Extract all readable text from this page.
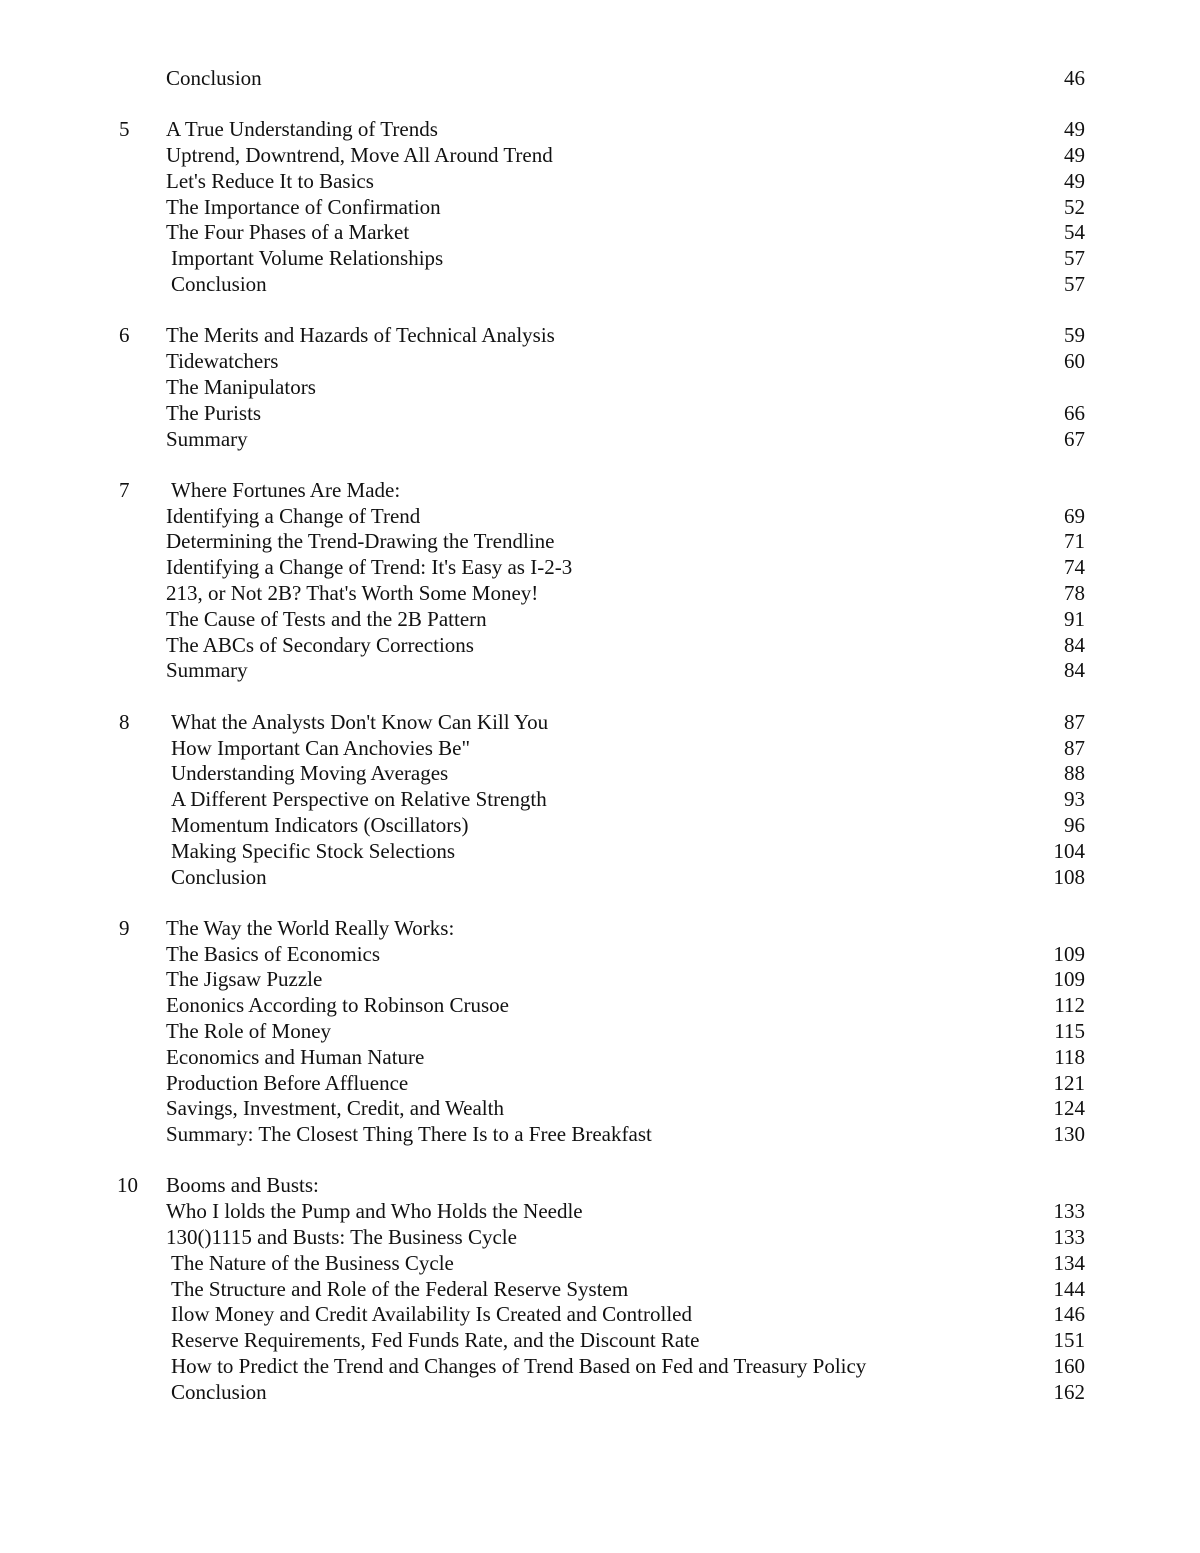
Conclusion	46
5 A True Understanding of Trends	49
Uptrend, Downtrend, Move All Around Trend	49
Let's Reduce It to Basics	49
The Importance of Confirmation	52
The Four Phases of a Market	54
Important Volume Relationships	57
Conclusion	57
6 The Merits and Hazards of Technical Analysis	59
Tidewatchers	60
The Manipulators
The Purists	66
Summary	67
7 Where Fortunes Are Made:
Identifying a Change of Trend	69
Determining the Trend-Drawing the Trendline	71
Identifying a Change of Trend: It's Easy as I-2-3	74
213, or Not 2B? That's Worth Some Money!	78
The Cause of Tests and the 2B Pattern	91
The ABCs of Secondary Corrections	84
Summary	84
8 What the Analysts Don't Know Can Kill You	87
How Important Can Anchovies Be"	87
Understanding Moving Averages	88
A Different Perspective on Relative Strength	93
Momentum Indicators (Oscillators)	96
Making Specific Stock Selections	104
Conclusion	108
9 The Way the World Really Works:
The Basics of Economics	109
The Jigsaw Puzzle	109
Eononics According to Robinson Crusoe	112
The Role of Money	115
Economics and Human Nature	118
Production Before Affluence	121
Savings, Investment, Credit, and Wealth	124
Summary: The Closest Thing There Is to a Free Breakfast	130
10 Booms and Busts:
Who I lolds the Pump and Who Holds the Needle	133
130()1115 and Busts: The Business Cycle	133
The Nature of the Business Cycle	134
The Structure and Role of the Federal Reserve System	144
Ilow Money and Credit Availability Is Created and Controlled	146
Reserve Requirements, Fed Funds Rate, and the Discount Rate	151
How to Predict the Trend and Changes of Trend Based on Fed and Treasury Policy	160
Conclusion	162
